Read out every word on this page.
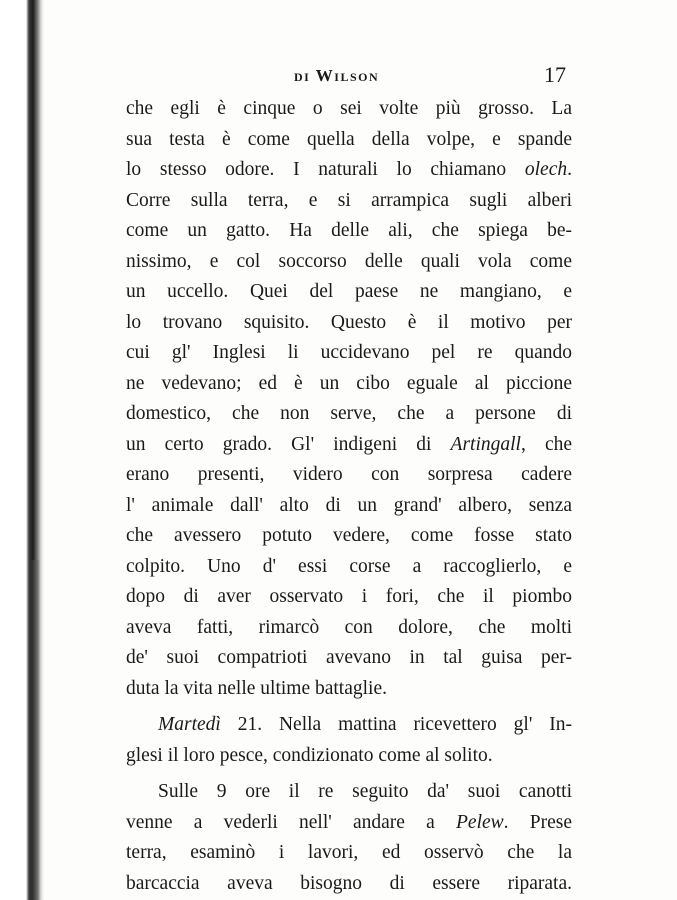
di Wilson	17
che egli è cinque o sei volte più grosso. La
sua testa è come quella della volpe, e spande
lo stesso odore. I naturali lo chiamano olech.
Corre sulla terra, e si arrampica sugli alberi
come un gatto. Ha delle ali, che spiega be-
nissimo, e col soccorso delle quali vola come
un uccello. Quei del paese ne mangiano, e
lo trovano squisito. Questo è il motivo per
cui gl' Inglesi li uccidevano pel re quando
ne vedevano; ed è un cibo eguale al piccione
domestico, che non serve, che a persone di
un certo grado. Gl' indigeni di Artingall, che
erano presenti, videro con sorpresa cadere
l' animale dall' alto di un grand' albero, senza
che avessero potuto vedere, come fosse stato
colpito. Uno d' essi corse a raccoglierlo, e
dopo di aver osservato i fori, che il piombo
aveva fatti, rimarcò con dolore, che molti
de' suoi compatrioti avevano in tal guisa per-
duta la vita nelle ultime battaglie.
Martedì 21. Nella mattina ricevettero gl' In-
glesi il loro pesce, condizionato come al solito.
Sulle 9 ore il re seguito da' suoi canotti
venne a vederli nell' andare a Pelew. Prese
terra, esaminò i lavori, ed osservò che la
barcaccia aveva bisogno di essere riparata.
